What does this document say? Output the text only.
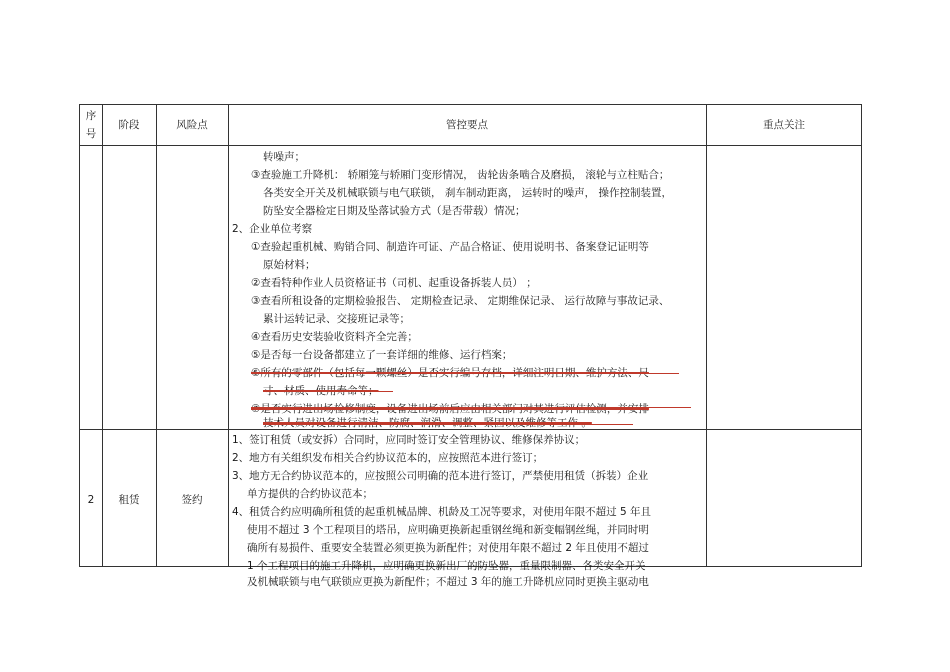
序
号
阶段	风险点	管控要点	重点关注
转噪声；
③查验施工升降机： 轿厢笼与轿厢门变形情况， 齿轮齿条啮合及磨损， 滚轮与立柱贴合；
各类安全开关及机械联锁与电气联锁， 刹车制动距离， 运转时的噪声， 操作控制装置，
防坠安全器检定日期及坠落试验方式（是否带载）情况；
2、企业单位考察
①查验起重机械、购销合同、制造许可证、产品合格证、使用说明书、备案登记证明等
原始材料；
②查看特种作业人员资格证书（司机、起重设备拆装人员） ；
③查看所租设备的定期检验报告、 定期检查记录、 定期维保记录、 运行故障与事故记录、
累计运转记录、交接班记录等；
④查看历史安装验收资料齐全完善；
⑤是否每一台设备都建立了一套详细的维修、运行档案；
⑥所有的零部件（包括每一颗螺丝）是否实行编号存档，详细注明日期、维护方法、尺
寸、材质、使用寿命等；
⑦是否实行进出场检修制度，设备进出场前后应由相关部门对其进行评估检测，并安排
技术人员对设备进行清洁、防腐、润滑、调整、紧固以及维修等工作 。
2	租赁	签约
1、签订租赁（或安拆）合同时，应同时签订安全管理协议、维修保养协议；
2、地方有关组织发布相关合约协议范本的，应按照范本进行签订；
3、地方无合约协议范本的，应按照公司明确的范本进行签订，严禁使用租赁（拆装）企业
单方提供的合约协议范本；
4、租赁合约应明确所租赁的起重机械品牌、机龄及工况等要求，对使用年限不超过 5 年且
使用不超过 3 个工程项目的塔吊，应明确更换新起重钢丝绳和新变幅钢丝绳，并同时明
确所有易损件、重要安全装置必须更换为新配件；对使用年限不超过 2 年且使用不超过
1 个工程项目的施工升降机，应明确更换新出厂的防坠器，重量限制器、各类安全开关
及机械联锁与电气联锁应更换为新配件；不超过 3 年的施工升降机应同时更换主驱动电
